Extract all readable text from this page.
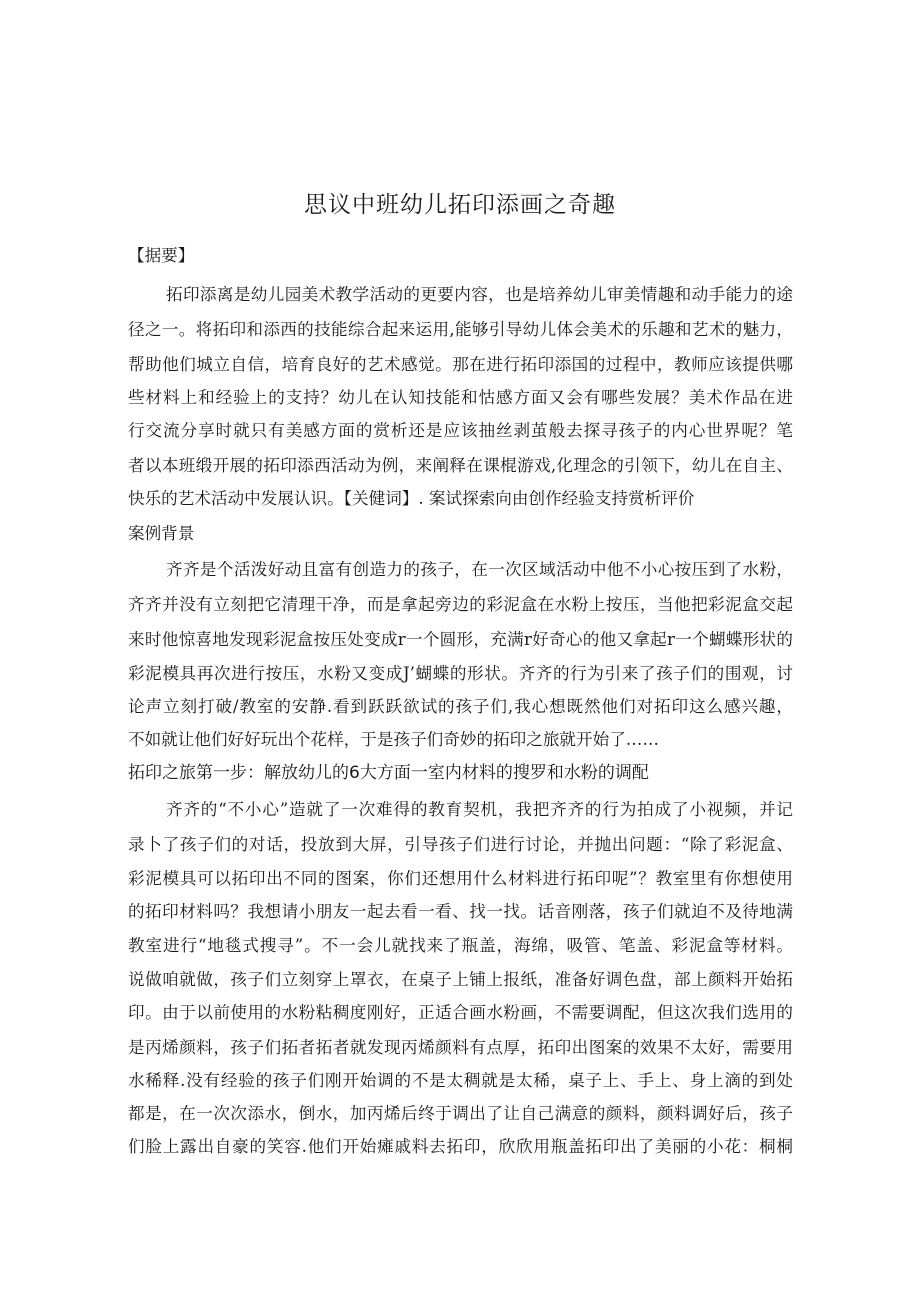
思议中班幼儿拓印添画之奇趣
【据要】
拓印添离是幼儿园美术教学活动的更要内容，也是培养幼儿审美情趣和动手能力的途
径之一。将拓印和添西的技能综合起来运用,能够引导幼儿体会美术的乐趣和艺术的魅力，
帮助他们城立自信，培育良好的艺术感觉。那在进行拓印添国的过程中，教师应该提供哪
些材料上和经验上的支持？幼儿在认知技能和怙感方面又会有哪些发展？美术作品在进
行交流分享时就只有美感方面的赏析还是应该抽丝剥茧般去探寻孩子的内心世界呢？笔
者以本班缎开展的拓印添西活动为例，来阐释在课棍游戏,化理念的引领下，幼儿在自主、
快乐的艺术活动中发展认识。【关健词】. 案试探索向由创作经验支持赏析评价
案例背景
齐齐是个活泼好动且富有创造力的孩子，在一次区域活动中他不小心按压到了水粉，
齐齐并没有立刻把它清理干净，而是拿起旁边的彩泥盒在水粉上按压，当他把彩泥盒交起
来时他惊喜地发现彩泥盒按压处变成r一个圆形，充满r好奇心的他又拿起r一个蝴蝶形状的
彩泥模具再次进行按压，水粉又变成J’蝴蝶的形状。齐齐的行为引来了孩子们的围观，讨
论声立刻打破/教室的安静.看到跃跃欲试的孩子们,我心想既然他们对拓印这么感兴趣，
不如就让他们好好玩出个花样，于是孩子们奇妙的拓印之旅就开始了……
拓印之旅第一步：解放幼儿的6大方面一室内材料的搜罗和水粉的调配
齐齐的“不小心”造就了一次难得的教育契机，我把齐齐的行为拍成了小视频，并记
录卜了孩子们的对话，投放到大屏，引导孩子们进行讨论，并抛出问题：“除了彩泥盒、
彩泥模具可以拓印出不同的图案，你们还想用什么材料进行拓印呢”？教室里有你想使用
的拓印材料吗？我想请小朋友一起去看一看、找一找。话音刚落，孩子们就迫不及待地满
教室进行“地毯式搜寻”。不一会儿就找来了瓶盖，海绵，吸管、笔盖、彩泥盒等材料。
说做咱就做，孩子们立刻穿上罩衣，在桌子上铺上报纸，准备好调色盘，部上颜料开始拓
印。由于以前使用的水粉粘稠度刚好，正适合画水粉画，不需要调配，但这次我们选用的
是丙烯颜料，孩子们拓者拓者就发现丙烯颜料有点厚，拓印出图案的效果不太好，需要用
水稀释.没有经验的孩子们刚开始调的不是太稠就是太稀，桌子上、手上、身上滴的到处
都是，在一次次添水，倒水，加丙烯后终于调出了让自己满意的颜料，颜料调好后，孩子
们脸上露出自豪的笑容.他们开始瘫戚料去拓印，欣欣用瓶盖拓印出了美丽的小花：桐桐
